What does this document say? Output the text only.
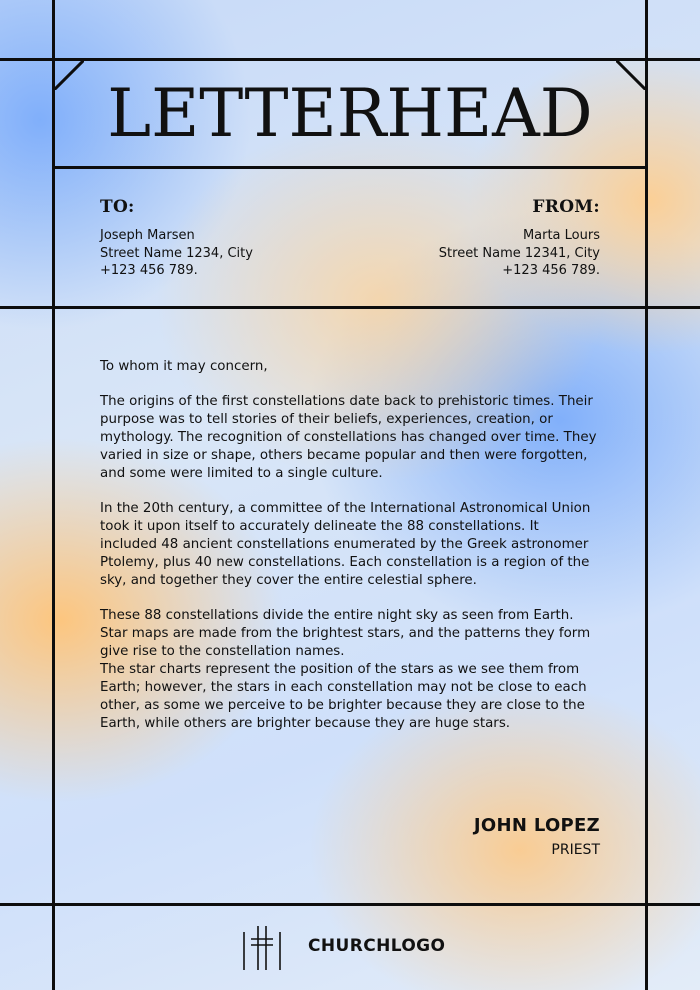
LETTERHEAD
TO:
Joseph Marsen
Street Name 1234, City
+123 456 789.
FROM:
Marta Lours
Street Name 12341, City
+123 456 789.

To whom it may concern,

The origins of the first constellations date back to prehistoric times. Their purpose was to tell stories of their beliefs, experiences, creation, or mythology. The recognition of constellations has changed over time. They varied in size or shape, others became popular and then were forgotten, and some were limited to a single culture.

In the 20th century, a committee of the International Astronomical Union took it upon itself to accurately delineate the 88 constellations. It included 48 ancient constellations enumerated by the Greek astronomer Ptolemy, plus 40 new constellations. Each constellation is a region of the sky, and together they cover the entire celestial sphere.

These 88 constellations divide the entire night sky as seen from Earth. Star maps are made from the brightest stars, and the patterns they form give rise to the constellation names.

The star charts represent the position of the stars as we see them from Earth; however, the stars in each constellation may not be close to each other, as some we perceive to be brighter because they are close to the Earth, while others are brighter because they are huge stars.

JOHN LOPEZ
PRIEST
CHURCHLOGO
